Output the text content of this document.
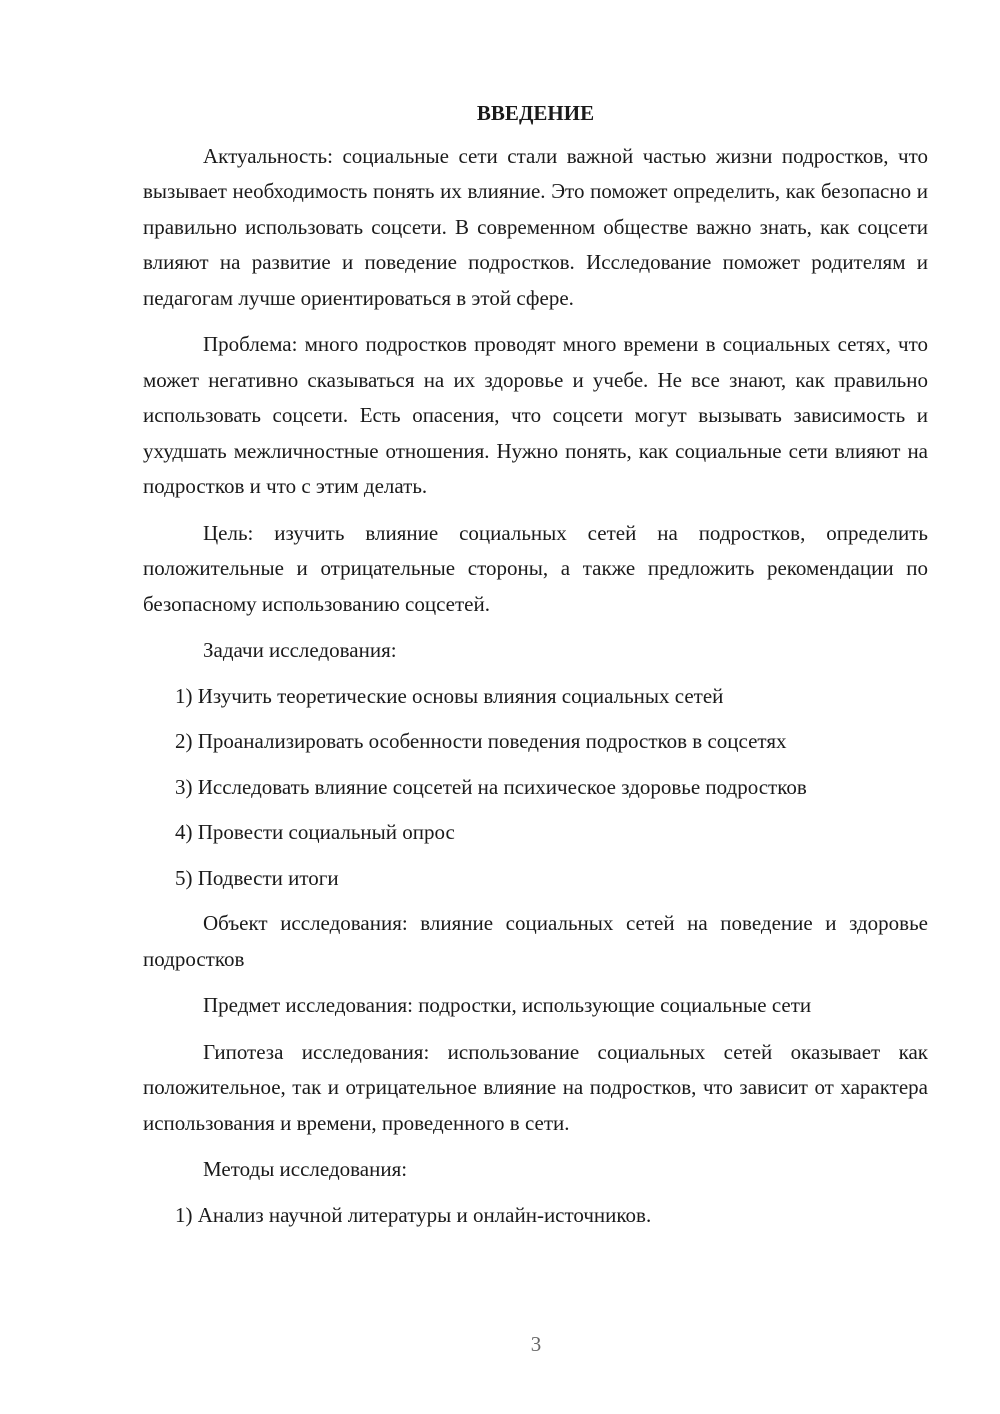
ВВЕДЕНИЕ

Актуальность: социальные сети стали важной частью жизни подростков, что вызывает необходимость понять их влияние. Это поможет определить, как безопасно и правильно использовать соцсети. В современном обществе важно знать, как соцсети влияют на развитие и поведение подростков. Исследование поможет родителям и педагогам лучше ориентироваться в этой сфере.

Проблема: много подростков проводят много времени в социальных сетях, что может негативно сказываться на их здоровье и учебе. Не все знают, как правильно использовать соцсети. Есть опасения, что соцсети могут вызывать зависимость и ухудшать межличностные отношения. Нужно понять, как социальные сети влияют на подростков и что с этим делать.

Цель: изучить влияние социальных сетей на подростков, определить положительные и отрицательные стороны, а также предложить рекомендации по безопасному использованию соцсетей.

Задачи исследования:

1) Изучить теоретические основы влияния социальных сетей
2) Проанализировать особенности поведения подростков в соцсетях
3) Исследовать влияние соцсетей на психическое здоровье подростков
4) Провести социальный опрос
5) Подвести итоги

Объект исследования: влияние социальных сетей на поведение и здоровье подростков

Предмет исследования: подростки, использующие социальные сети

Гипотеза исследования: использование социальных сетей оказывает как положительное, так и отрицательное влияние на подростков, что зависит от характера использования и времени, проведенного в сети.

Методы исследования:

1) Анализ научной литературы и онлайн-источников.
3
